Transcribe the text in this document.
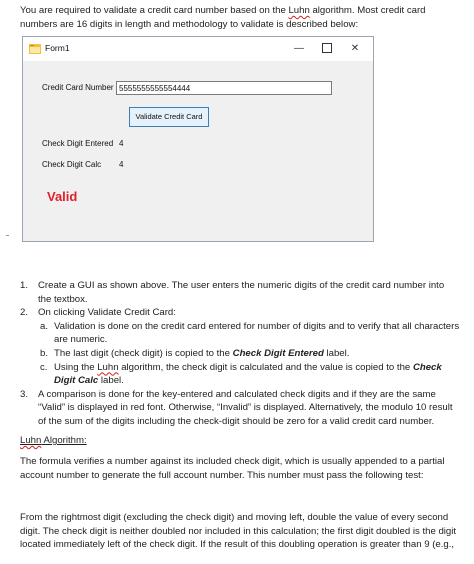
You are required to validate a credit card number based on the Luhn algorithm. Most credit card numbers are 16 digits in length and methodology to validate is described below:

Form1	—	✕
Credit Card Number 5555555555554444
Validate Credit Card
Check Digit Entered 4
Check Digit Calc 4
Valid
1. Create a GUI as shown above. The user enters the numeric digits of the credit card number into the textbox.
2. On clicking Validate Credit Card:
a. Validation is done on the credit card entered for number of digits and to verify that all characters are numeric.
b. The last digit (check digit) is copied to the Check Digit Entered label.
c. Using the Luhn algorithm, the check digit is calculated and the value is copied to the Check Digit Calc label.
3. A comparison is done for the key-entered and calculated check digits and if they are the same “Valid” is displayed in red font. Otherwise, “Invalid” is displayed. Alternatively, the modulo 10 result of the sum of the digits including the check-digit should be zero for a valid credit card number.
Luhn Algorithm:

The formula verifies a number against its included check digit, which is usually appended to a partial account number to generate the full account number. This number must pass the following test:

From the rightmost digit (excluding the check digit) and moving left, double the value of every second digit. The check digit is neither doubled nor included in this calculation; the first digit doubled is the digit located immediately left of the check digit. If the result of this doubling operation is greater than 9 (e.g.,
